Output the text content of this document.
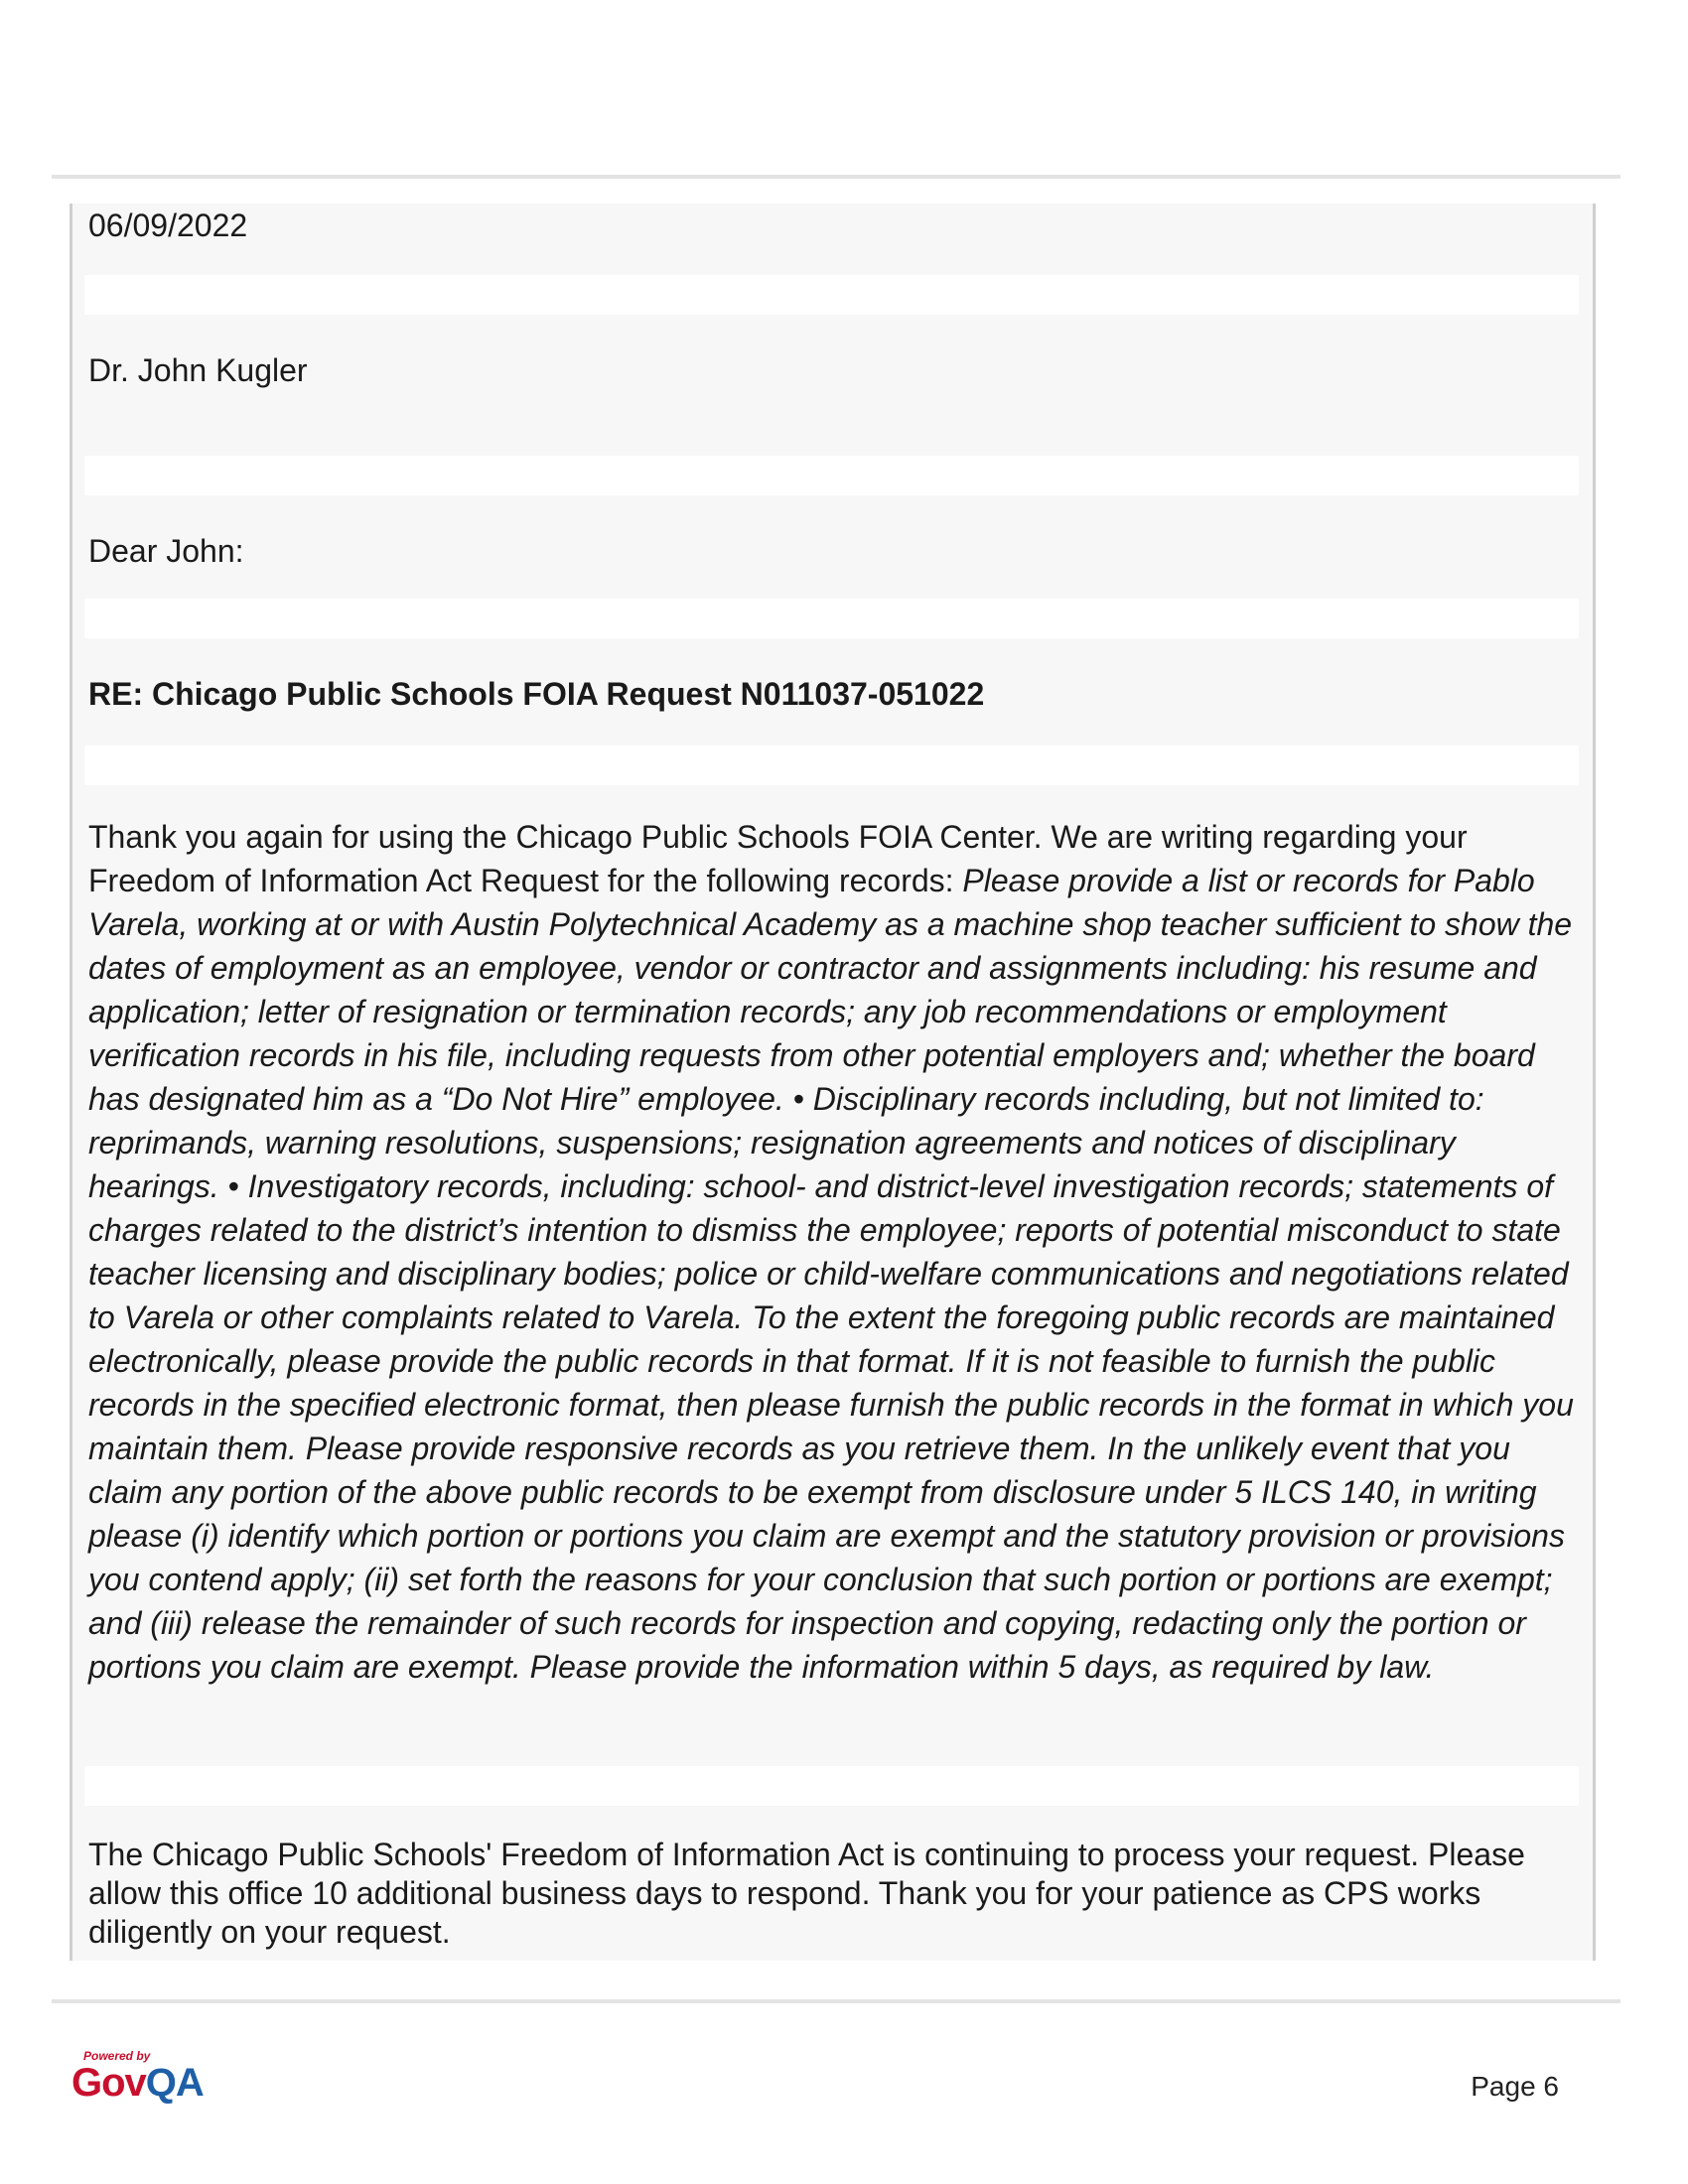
06/09/2022
Dr. John Kugler
Dear John:
RE: Chicago Public Schools FOIA Request N011037-051022
Thank you again for using the Chicago Public Schools FOIA Center. We are writing regarding your Freedom of Information Act Request for the following records: Please provide a list or records for Pablo Varela, working at or with Austin Polytechnical Academy as a machine shop teacher sufficient to show the dates of employment as an employee, vendor or contractor and assignments including: his resume and application; letter of resignation or termination records; any job recommendations or employment verification records in his file, including requests from other potential employers and; whether the board has designated him as a “Do Not Hire” employee. • Disciplinary records including, but not limited to: reprimands, warning resolutions, suspensions; resignation agreements and notices of disciplinary hearings. • Investigatory records, including: school- and district-level investigation records; statements of charges related to the district’s intention to dismiss the employee; reports of potential misconduct to state teacher licensing and disciplinary bodies; police or child-welfare communications and negotiations related to Varela or other complaints related to Varela. To the extent the foregoing public records are maintained electronically, please provide the public records in that format. If it is not feasible to furnish the public records in the specified electronic format, then please furnish the public records in the format in which you maintain them. Please provide responsive records as you retrieve them. In the unlikely event that you claim any portion of the above public records to be exempt from disclosure under 5 ILCS 140, in writing please (i) identify which portion or portions you claim are exempt and the statutory provision or provisions you contend apply; (ii) set forth the reasons for your conclusion that such portion or portions are exempt; and (iii) release the remainder of such records for inspection and copying, redacting only the portion or portions you claim are exempt. Please provide the information within 5 days, as required by law.
The Chicago Public Schools' Freedom of Information Act is continuing to process your request. Please allow this office 10 additional business days to respond. Thank you for your patience as CPS works diligently on your request.
Powered by
GovQA	Page 6
